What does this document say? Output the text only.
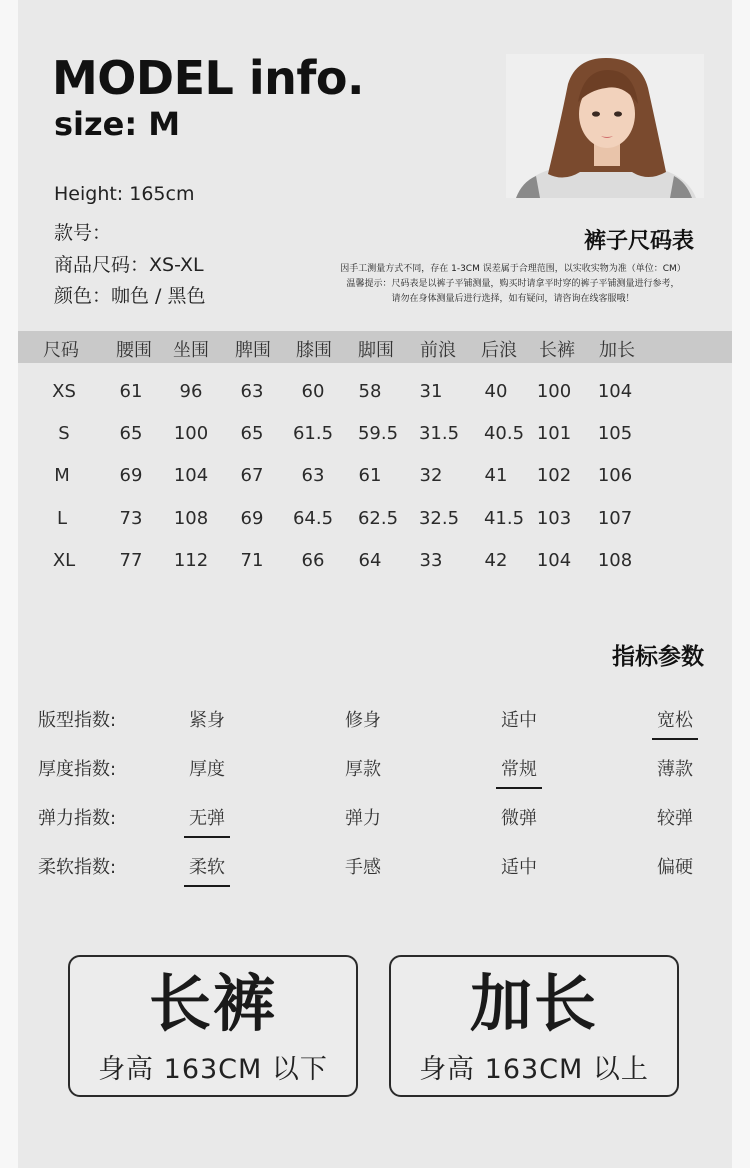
MODEL info.
size: M
Height: 165cm
款号：
商品尺码：XS-XL
颜色：咖色 / 黑色
裤子尺码表
因手工测量方式不同，存在 1-3CM 误差属于合理范围，以实收实物为准（单位：CM）
温馨提示：尺码表是以裤子平铺测量，购买时请拿平时穿的裤子平铺测量进行参考，
请勿在身体测量后进行选择，如有疑问，请咨询在线客服哦！
尺码 腰围 坐围 脾围 膝围 脚围 前浪 后浪 长裤 加长
XS 61 96 63 60 58 31 40 100 104
S	65 100 65 61.5 59.5 31.5 40.5 101 105
M	69 104 67 63 61 32 41 102 106
L	73 108 69 64.5 62.5 32.5 41.5 103 107
XL 77 112 71 66 64 33 42 104 108
指标参数
版型指数:	紧身	修身	适中	宽松
厚度指数:	厚度	厚款	常规	薄款
弹力指数:	无弹	弹力	微弹	较弹
柔软指数:	柔软	手感	适中	偏硬
长裤
身高 163CM 以下
加长
身高 163CM 以上
